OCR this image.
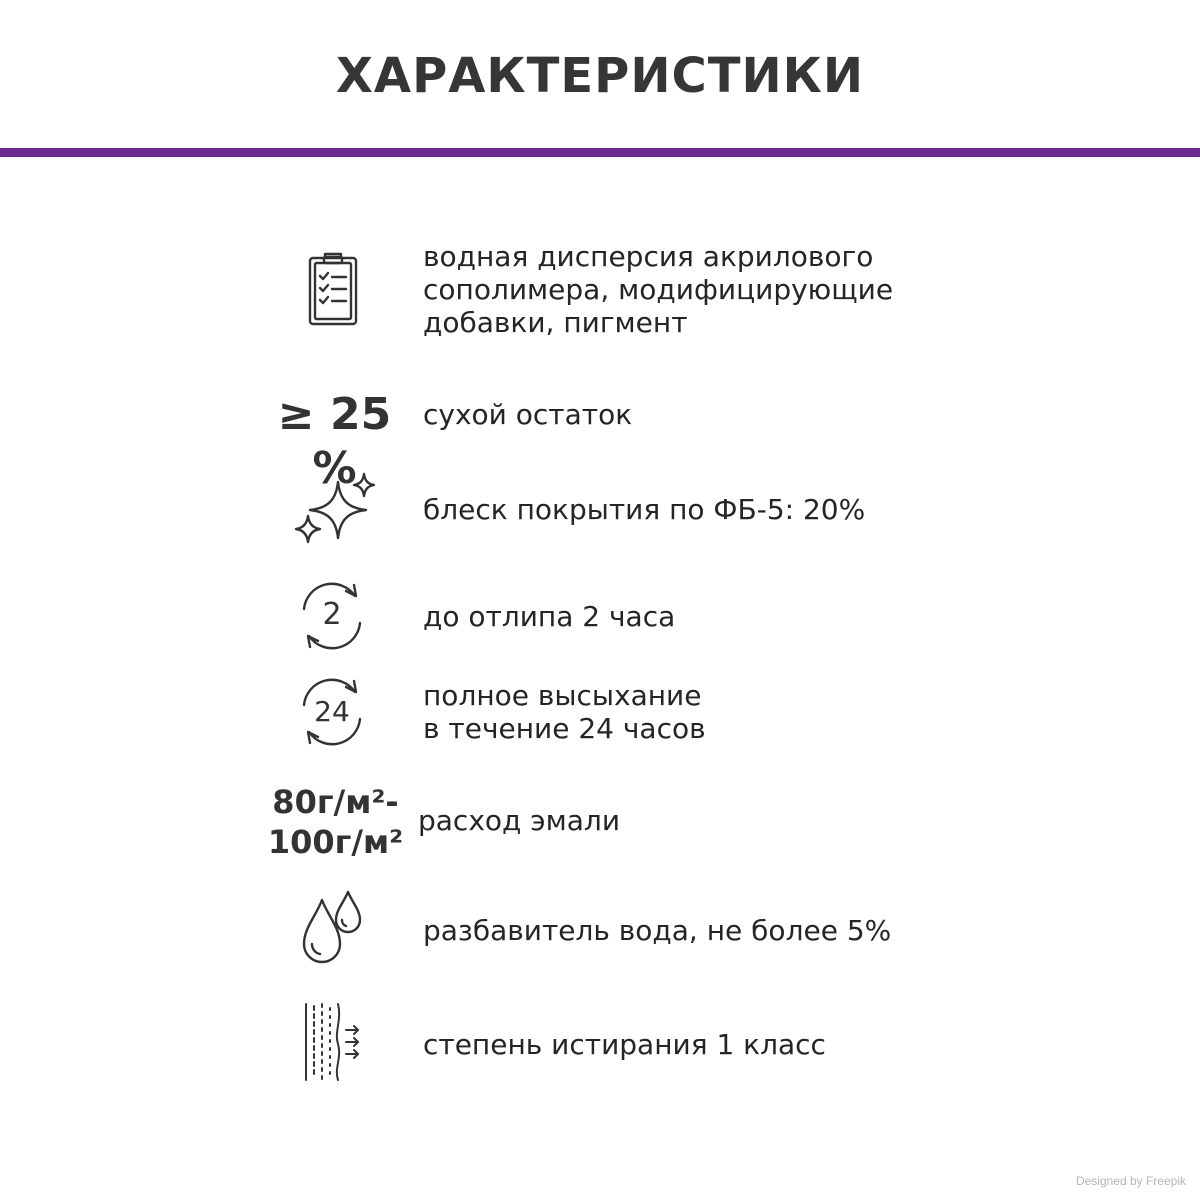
ХАРАКТЕРИСТИКИ
водная дисперсия акрилового
сополимера, модифицирующие
добавки, пигмент
≥ 25 %
сухой остаток
блеск покрытия по ФБ-5: 20%
2	до отлипа 2 часа
24	полное высыхание
в течение 24 часов
80г/м²-
100г/м²
расход эмали
разбавитель вода, не более 5%
степень истирания 1 класс
Designed by Freepik
